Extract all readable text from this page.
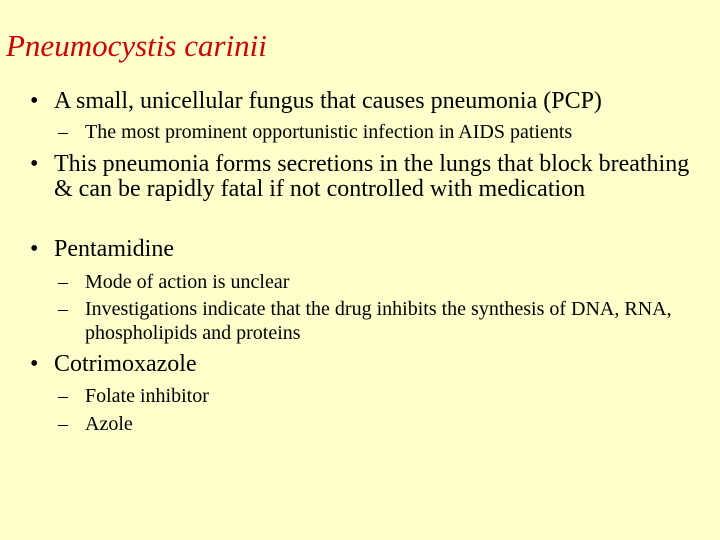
Pneumocystis carinii
• A small, unicellular fungus that causes pneumonia (PCP)
– The most prominent opportunistic infection in AIDS patients
• This pneumonia forms secretions in the lungs that block breathing & can be rapidly fatal if not controlled with medication
• Pentamidine
– Mode of action is unclear
– Investigations indicate that the drug inhibits the synthesis of DNA, RNA, phospholipids and proteins
• Cotrimoxazole
– Folate inhibitor
– Azole
